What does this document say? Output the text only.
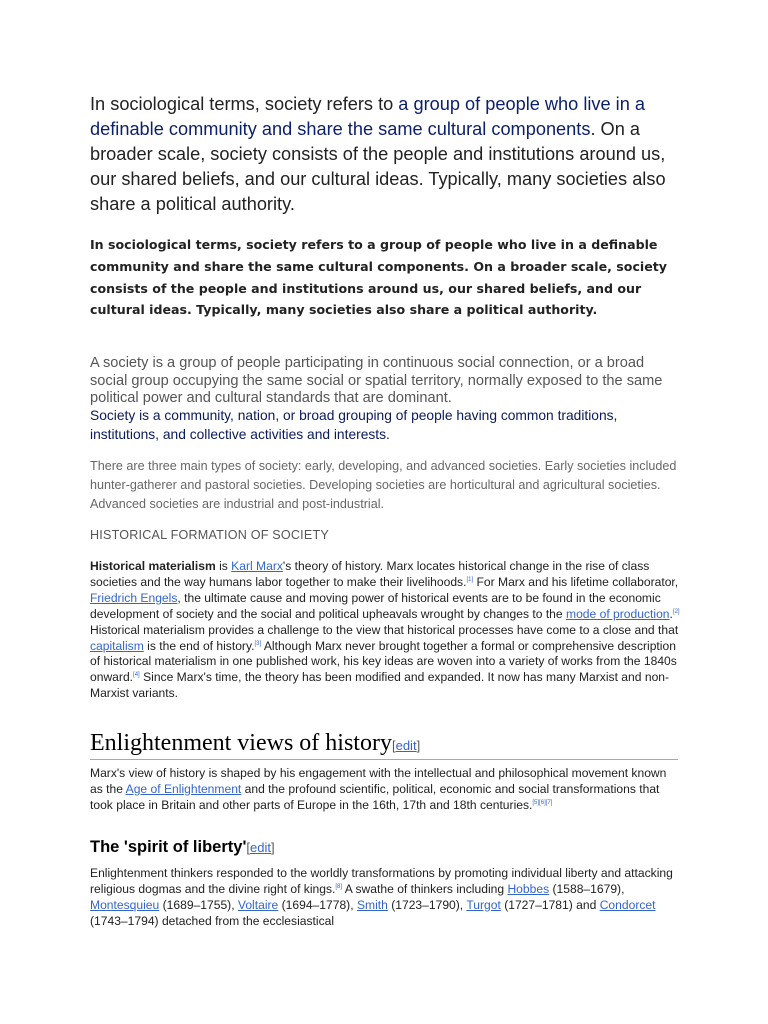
In sociological terms, society refers to a group of people who live in a definable community and share the same cultural components. On a broader scale, society consists of the people and institutions around us, our shared beliefs, and our cultural ideas. Typically, many societies also share a political authority.

In sociological terms, society refers to a group of people who live in a definable community and share the same cultural components. On a broader scale, society consists of the people and institutions around us, our shared beliefs, and our cultural ideas. Typically, many societies also share a political authority.

A society is a group of people participating in continuous social connection, or a broad social group occupying the same social or spatial territory, normally exposed to the same political power and cultural standards that are dominant.

Society is a community, nation, or broad grouping of people having common traditions, institutions, and collective activities and interests.

There are three main types of society: early, developing, and advanced societies. Early societies included hunter-gatherer and pastoral societies. Developing societies are horticultural and agricultural societies. Advanced societies are industrial and post-industrial.

HISTORICAL FORMATION OF SOCIETY

Historical materialism is Karl Marx's theory of history. Marx locates historical change in the rise of class societies and the way humans labor together to make their livelihoods.[1] For Marx and his lifetime collaborator, Friedrich Engels, the ultimate cause and moving power of historical events are to be found in the economic development of society and the social and political upheavals wrought by changes to the mode of production.[2] Historical materialism provides a challenge to the view that historical processes have come to a close and that capitalism is the end of history.[3] Although Marx never brought together a formal or comprehensive description of historical materialism in one published work, his key ideas are woven into a variety of works from the 1840s onward.[4] Since Marx's time, the theory has been modified and expanded. It now has many Marxist and non-Marxist variants.

Enlightenment views of history[edit]

Marx's view of history is shaped by his engagement with the intellectual and philosophical movement known as the Age of Enlightenment and the profound scientific, political, economic and social transformations that took place in Britain and other parts of Europe in the 16th, 17th and 18th centuries.[5][6][7]

The 'spirit of liberty'[edit]

Enlightenment thinkers responded to the worldly transformations by promoting individual liberty and attacking religious dogmas and the divine right of kings.[8] A swathe of thinkers including Hobbes (1588–1679), Montesquieu (1689–1755), Voltaire (1694–1778), Smith (1723–1790), Turgot (1727–1781) and Condorcet (1743–1794) detached from the ecclesiastical
